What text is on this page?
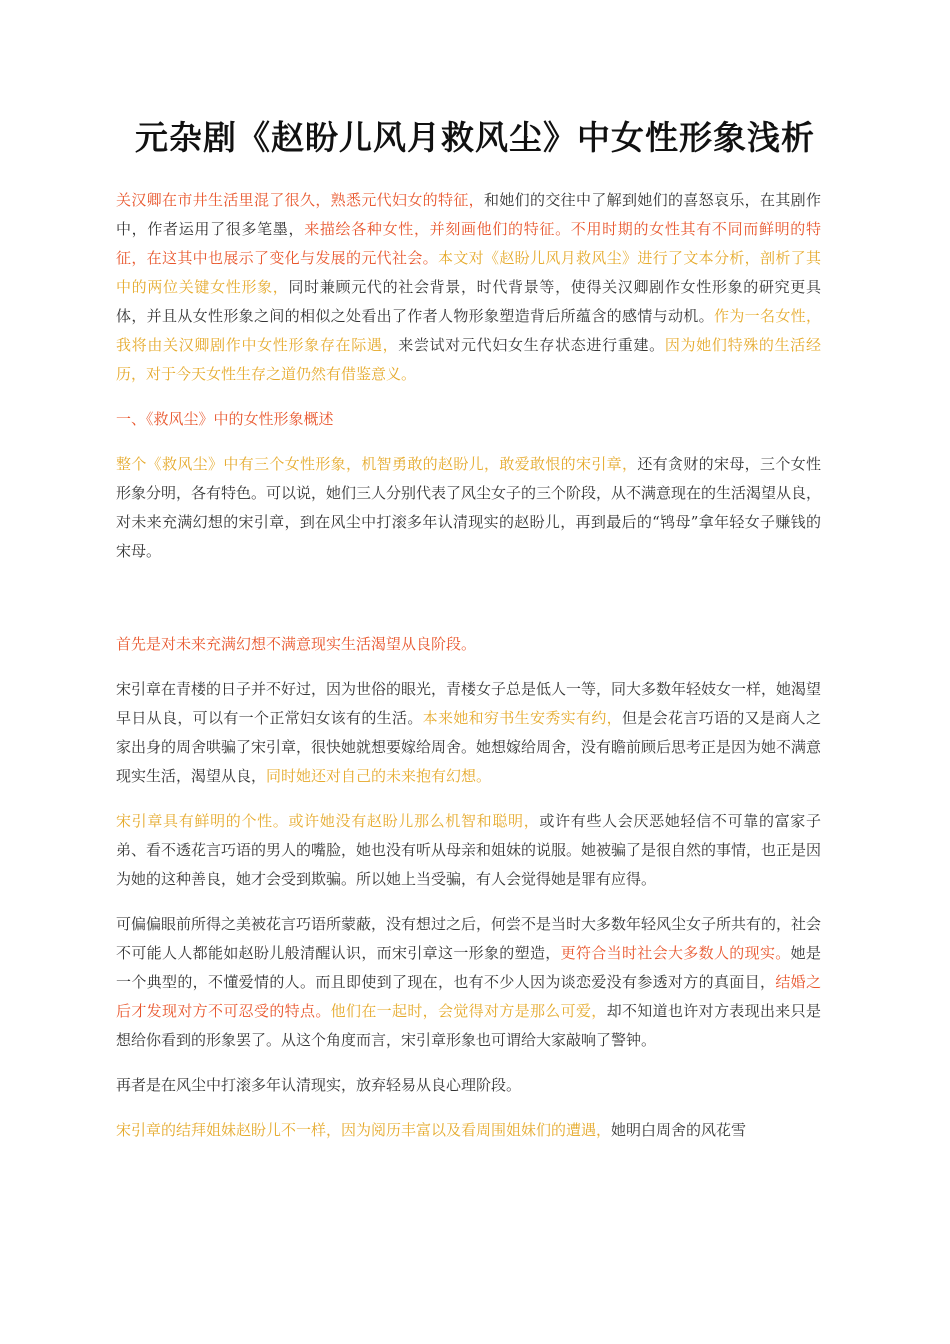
元杂剧《赵盼儿风月救风尘》中女性形象浅析

关汉卿在市井生活里混了很久，熟悉元代妇女的特征，和她们的交往中了解到她们的喜怒哀乐，在其剧作中，作者运用了很多笔墨，来描绘各种女性，并刻画他们的特征。不用时期的女性其有不同而鲜明的特征，在这其中也展示了变化与发展的元代社会。本文对《赵盼儿风月救风尘》进行了文本分析，剖析了其中的两位关键女性形象，同时兼顾元代的社会背景，时代背景等，使得关汉卿剧作女性形象的研究更具体，并且从女性形象之间的相似之处看出了作者人物形象塑造背后所蕴含的感情与动机。作为一名女性，我将由关汉卿剧作中女性形象存在际遇，来尝试对元代妇女生存状态进行重建。因为她们特殊的生活经历，对于今天女性生存之道仍然有借鉴意义。

一、《救风尘》中的女性形象概述

整个《救风尘》中有三个女性形象，机智勇敢的赵盼儿，敢爱敢恨的宋引章，还有贪财的宋母，三个女性形象分明，各有特色。可以说，她们三人分别代表了风尘女子的三个阶段，从不满意现在的生活渴望从良，对未来充满幻想的宋引章，到在风尘中打滚多年认清现实的赵盼儿，再到最后的“鸨母”拿年轻女子赚钱的宋母。

首先是对未来充满幻想不满意现实生活渴望从良阶段。

宋引章在青楼的日子并不好过，因为世俗的眼光，青楼女子总是低人一等，同大多数年轻妓女一样，她渴望早日从良，可以有一个正常妇女该有的生活。本来她和穷书生安秀实有约，但是会花言巧语的又是商人之家出身的周舍哄骗了宋引章，很快她就想要嫁给周舍。她想嫁给周舍，没有瞻前顾后思考正是因为她不满意现实生活，渴望从良，同时她还对自己的未来抱有幻想。

宋引章具有鲜明的个性。或许她没有赵盼儿那么机智和聪明，或许有些人会厌恶她轻信不可靠的富家子弟、看不透花言巧语的男人的嘴脸，她也没有听从母亲和姐妹的说服。她被骗了是很自然的事情，也正是因为她的这种善良，她才会受到欺骗。所以她上当受骗，有人会觉得她是罪有应得。

可偏偏眼前所得之美被花言巧语所蒙蔽，没有想过之后，何尝不是当时大多数年轻风尘女子所共有的，社会不可能人人都能如赵盼儿般清醒认识，而宋引章这一形象的塑造，更符合当时社会大多数人的现实。她是一个典型的，不懂爱情的人。而且即使到了现在，也有不少人因为谈恋爱没有参透对方的真面目，结婚之后才发现对方不可忍受的特点。他们在一起时，会觉得对方是那么可爱，却不知道也许对方表现出来只是想给你看到的形象罢了。从这个角度而言，宋引章形象也可谓给大家敲响了警钟。

再者是在风尘中打滚多年认清现实，放弃轻易从良心理阶段。

宋引章的结拜姐妹赵盼儿不一样，因为阅历丰富以及看周围姐妹们的遭遇，她明白周舍的风花雪
